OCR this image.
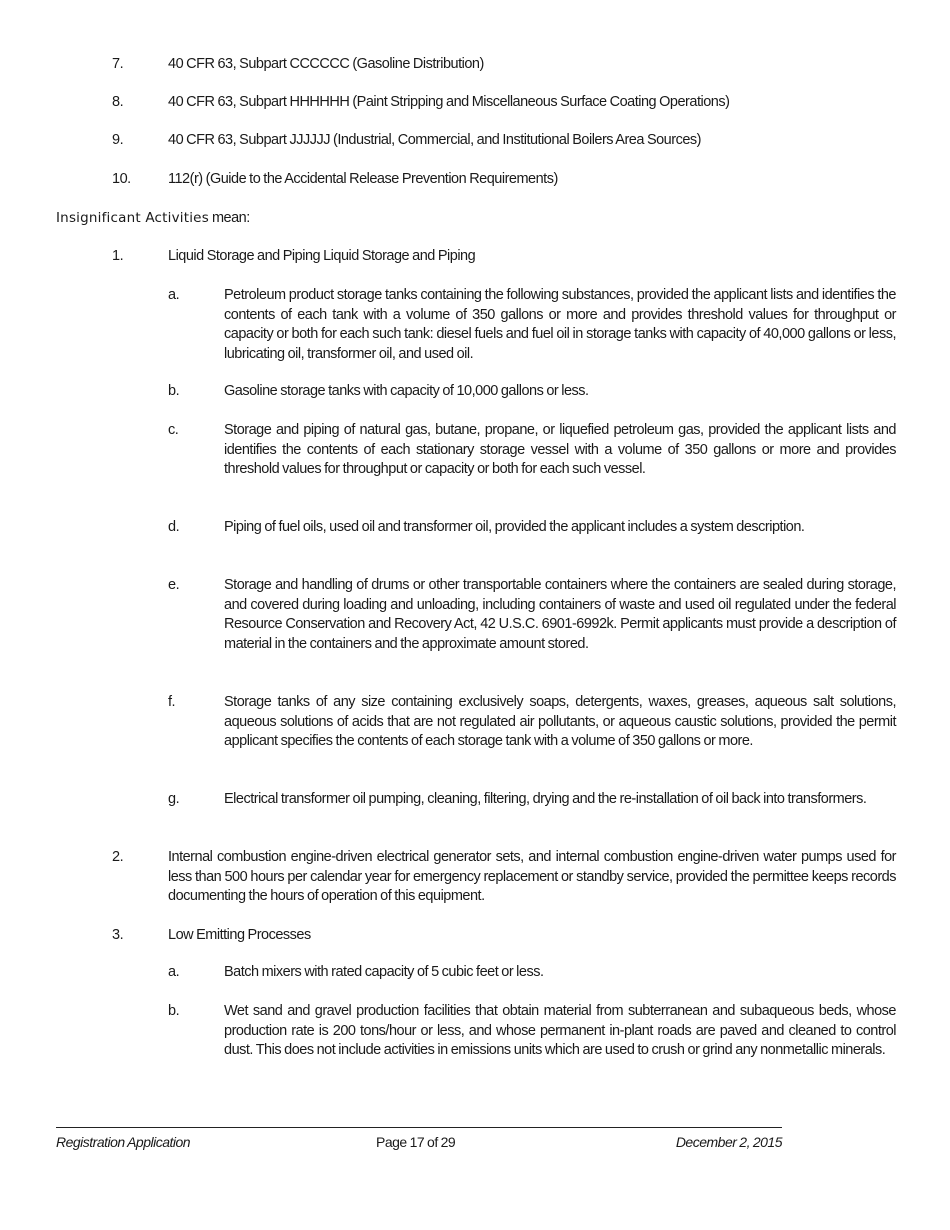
7.	40 CFR 63, Subpart CCCCCC (Gasoline Distribution)
8.	40 CFR 63, Subpart HHHHHH (Paint Stripping and Miscellaneous Surface Coating Operations)
9.	40 CFR 63, Subpart JJJJJJ (Industrial, Commercial, and Institutional Boilers Area Sources)
10.	112(r) (Guide to the Accidental Release Prevention Requirements)
Insignificant Activities mean:
1.	Liquid Storage and Piping Liquid Storage and Piping
a.	Petroleum product storage tanks containing the following substances, provided the applicant lists and identifies the contents of each tank with a volume of 350 gallons or more and provides threshold values for throughput or capacity or both for each such tank: diesel fuels and fuel oil in storage tanks with capacity of 40,000 gallons or less, lubricating oil, transformer oil, and used oil.
b.	Gasoline storage tanks with capacity of 10,000 gallons or less.
c.	Storage and piping of natural gas, butane, propane, or liquefied petroleum gas, provided the applicant lists and identifies the contents of each stationary storage vessel with a volume of 350 gallons or more and provides threshold values for throughput or capacity or both for each such vessel.
d.	Piping of fuel oils, used oil and transformer oil, provided the applicant includes a system description.
e.	Storage and handling of drums or other transportable containers where the containers are sealed during storage, and covered during loading and unloading, including containers of waste and used oil regulated under the federal Resource Conservation and Recovery Act, 42 U.S.C. 6901-6992k. Permit applicants must provide a description of material in the containers and the approximate amount stored.
f.	Storage tanks of any size containing exclusively soaps, detergents, waxes, greases, aqueous salt solutions, aqueous solutions of acids that are not regulated air pollutants, or aqueous caustic solutions, provided the permit applicant specifies the contents of each storage tank with a volume of 350 gallons or more.
g.	Electrical transformer oil pumping, cleaning, filtering, drying and the re-installation of oil back into transformers.
2.	Internal combustion engine-driven electrical generator sets, and internal combustion engine-driven water pumps used for less than 500 hours per calendar year for emergency replacement or standby service, provided the permittee keeps records documenting the hours of operation of this equipment.
3.	Low Emitting Processes
a.	Batch mixers with rated capacity of 5 cubic feet or less.
b.	Wet sand and gravel production facilities that obtain material from subterranean and subaqueous beds, whose production rate is 200 tons/hour or less, and whose permanent in-plant roads are paved and cleaned to control dust. This does not include activities in emissions units which are used to crush or grind any nonmetallic minerals.
Registration Application	Page 17 of 29	December 2, 2015
